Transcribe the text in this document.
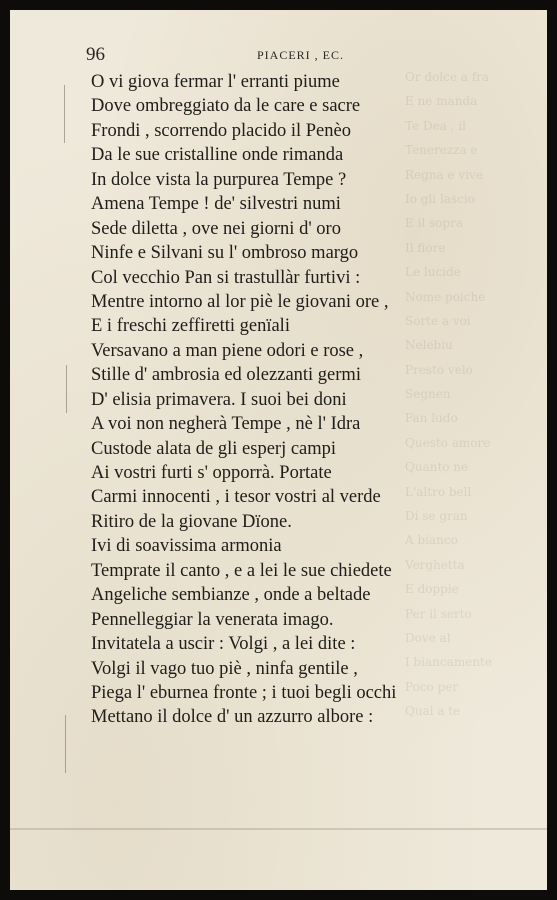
Or dolce a fra
E ne manda
Te Dea , il
Tenerezza e
Regna e vive
Io gli lascio
E il sopra
Il fiore
Le lucide
Nome poiche
Sorte a voi
Nelebiu
Presto velo
Segnen
Fan ludo
Questo amore
Quanto ne
L'altro bell
Di se gran
A bianco
Verghetta
E doppie
Per il serto
Dove al
I biancamente
Poco per
Qual a te
96	PIACERI , EC.
O vi giova fermar l' erranti piume
Dove ombreggiato da le care e sacre
Frondi , scorrendo placido il Penèo
Da le sue cristalline onde rimanda
In dolce vista la purpurea Tempe ?
Amena Tempe ! de' silvestri numi
Sede diletta , ove nei giorni d' oro
Ninfe e Silvani su l' ombroso margo
Col vecchio Pan si trastullàr furtivi :
Mentre intorno al lor piè le giovani ore ,
E i freschi zeffiretti genïali
Versavano a man piene odori e rose ,
Stille d' ambrosia ed olezzanti germi
D' elisia primavera. I suoi bei doni
A voi non negherà Tempe , nè l' Idra
Custode alata de gli esperj campi
Ai vostri furti s' opporrà. Portate
Carmi innocenti , i tesor vostri al verde
Ritiro de la giovane Dïone.
Ivi di soavissima armonia
Temprate il canto , e a lei le sue chiedete
Angeliche sembianze , onde a beltade
Pennelleggiar la venerata imago.
Invitatela a uscir : Volgi , a lei dite :
Volgi il vago tuo piè , ninfa gentile ,
Piega l' eburnea fronte ; i tuoi begli occhi
Mettano il dolce d' un azzurro albore :
